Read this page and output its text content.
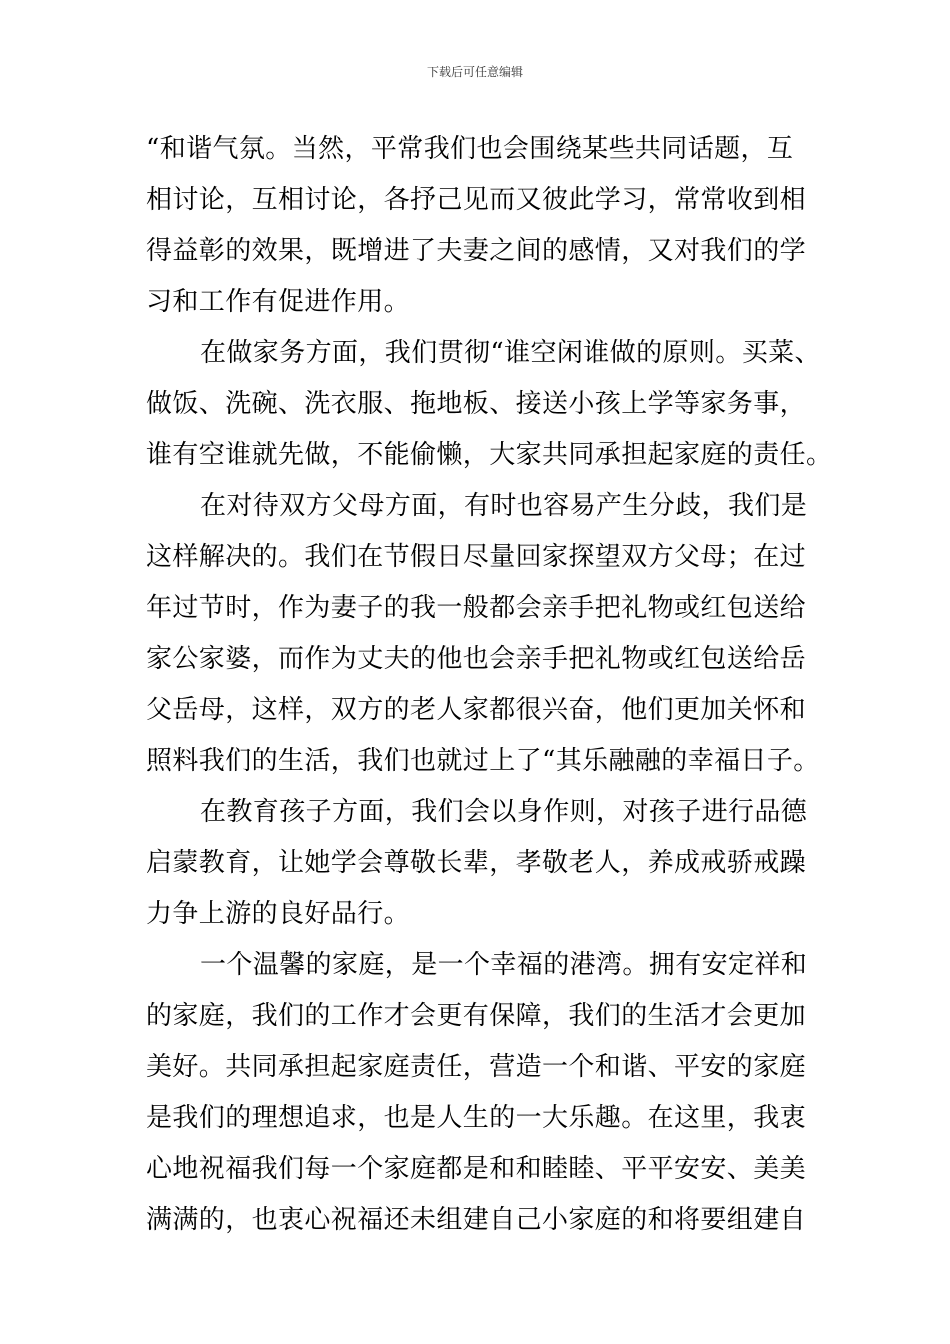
下载后可任意编辑
“和谐气氛。当然，平常我们也会围绕某些共同话题，互
相讨论，互相讨论，各抒己见而又彼此学习，常常收到相
得益彰的效果，既增进了夫妻之间的感情，又对我们的学
习和工作有促进作用。
在做家务方面，我们贯彻“谁空闲谁做的原则。买菜、
做饭、洗碗、洗衣服、拖地板、接送小孩上学等家务事，
谁有空谁就先做，不能偷懒，大家共同承担起家庭的责任。
在对待双方父母方面，有时也容易产生分歧，我们是
这样解决的。我们在节假日尽量回家探望双方父母；在过
年过节时，作为妻子的我一般都会亲手把礼物或红包送给
家公家婆，而作为丈夫的他也会亲手把礼物或红包送给岳
父岳母，这样，双方的老人家都很兴奋，他们更加关怀和
照料我们的生活，我们也就过上了“其乐融融的幸福日子。
在教育孩子方面，我们会以身作则，对孩子进行品德
启蒙教育，让她学会尊敬长辈，孝敬老人，养成戒骄戒躁
力争上游的良好品行。
一个温馨的家庭，是一个幸福的港湾。拥有安定祥和
的家庭，我们的工作才会更有保障，我们的生活才会更加
美好。共同承担起家庭责任，营造一个和谐、平安的家庭
是我们的理想追求，也是人生的一大乐趣。在这里，我衷
心地祝福我们每一个家庭都是和和睦睦、平平安安、美美
满满的，也衷心祝福还未组建自己小家庭的和将要组建自
